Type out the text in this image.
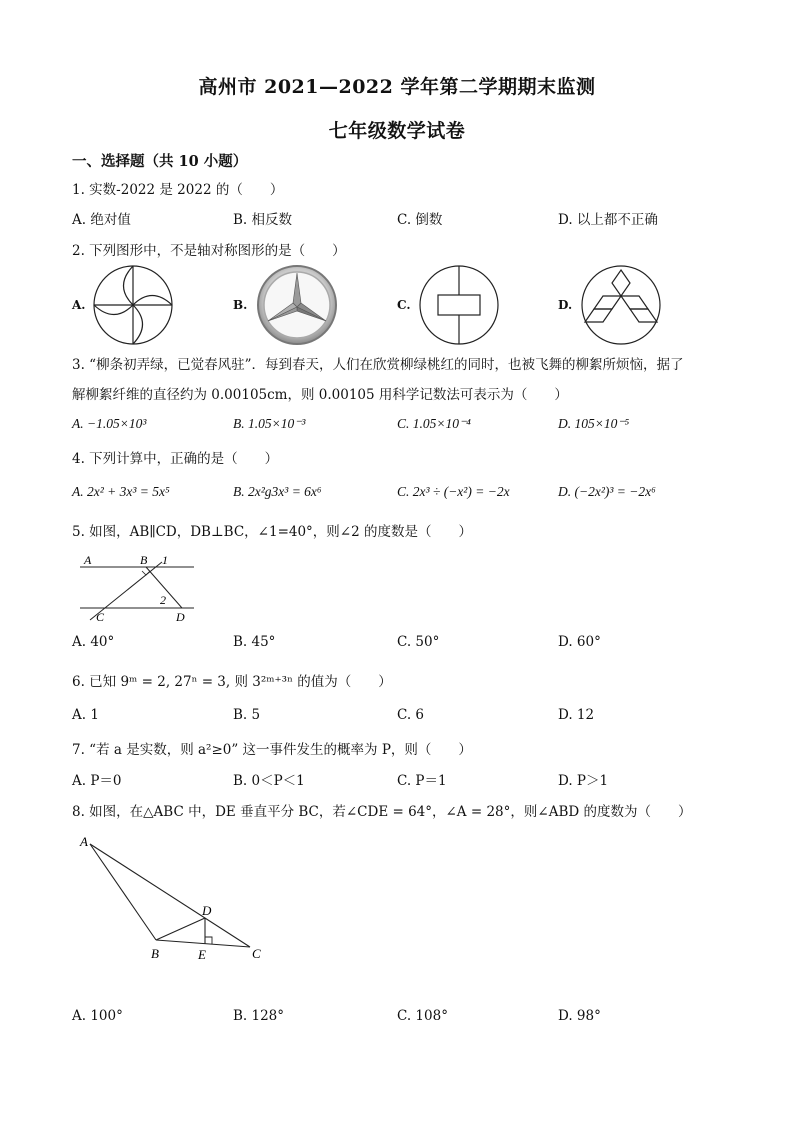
高州市 2021—2022 学年第二学期期末监测
七年级数学试卷
一、选择题（共 10 小题）
1. 实数-2022 是 2022 的（　　）
A. 绝对值	B. 相反数	C. 倒数	D. 以上都不正确
2. 下列图形中，不是轴对称图形的是（　　）
A.	B.	C.	D.
3. “柳条初弄绿，已觉春风驻”．每到春天，人们在欣赏柳绿桃红的同时，也被飞舞的柳絮所烦恼，据了
解柳絮纤维的直径约为 0.00105cm，则 0.00105 用科学记数法可表示为（　　）
A. −1.05×10³	B. 1.05×10⁻³	C. 1.05×10⁻⁴	D. 105×10⁻⁵
4. 下列计算中，正确的是（　　）
A. 2x² + 3x³ = 5x⁵	B. 2x²g3x³ = 6x⁶	C. 2x³ ÷ (−x²) = −2x	D. (−2x²)³ = −2x⁶
5. 如图，AB∥CD，DB⊥BC，∠1=40°，则∠2 的度数是（　　）
A	B 1
2
C	D
A. 40°	B. 45°	C. 50°	D. 60°
6. 已知 9ᵐ = 2, 27ⁿ = 3, 则 3²ᵐ⁺³ⁿ 的值为（　　）
A. 1	B. 5	C. 6	D. 12
7. “若 a 是实数，则 a²≥0” 这一事件发生的概率为 P，则（　　）
A. P＝0	B. 0＜P＜1	C. P＝1	D. P＞1
8. 如图，在△ABC 中，DE 垂直平分 BC，若∠CDE = 64°，∠A = 28°，则∠ABD 的度数为（　　）
A
D
B	E	C
A. 100°	B. 128°	C. 108°	D. 98°
